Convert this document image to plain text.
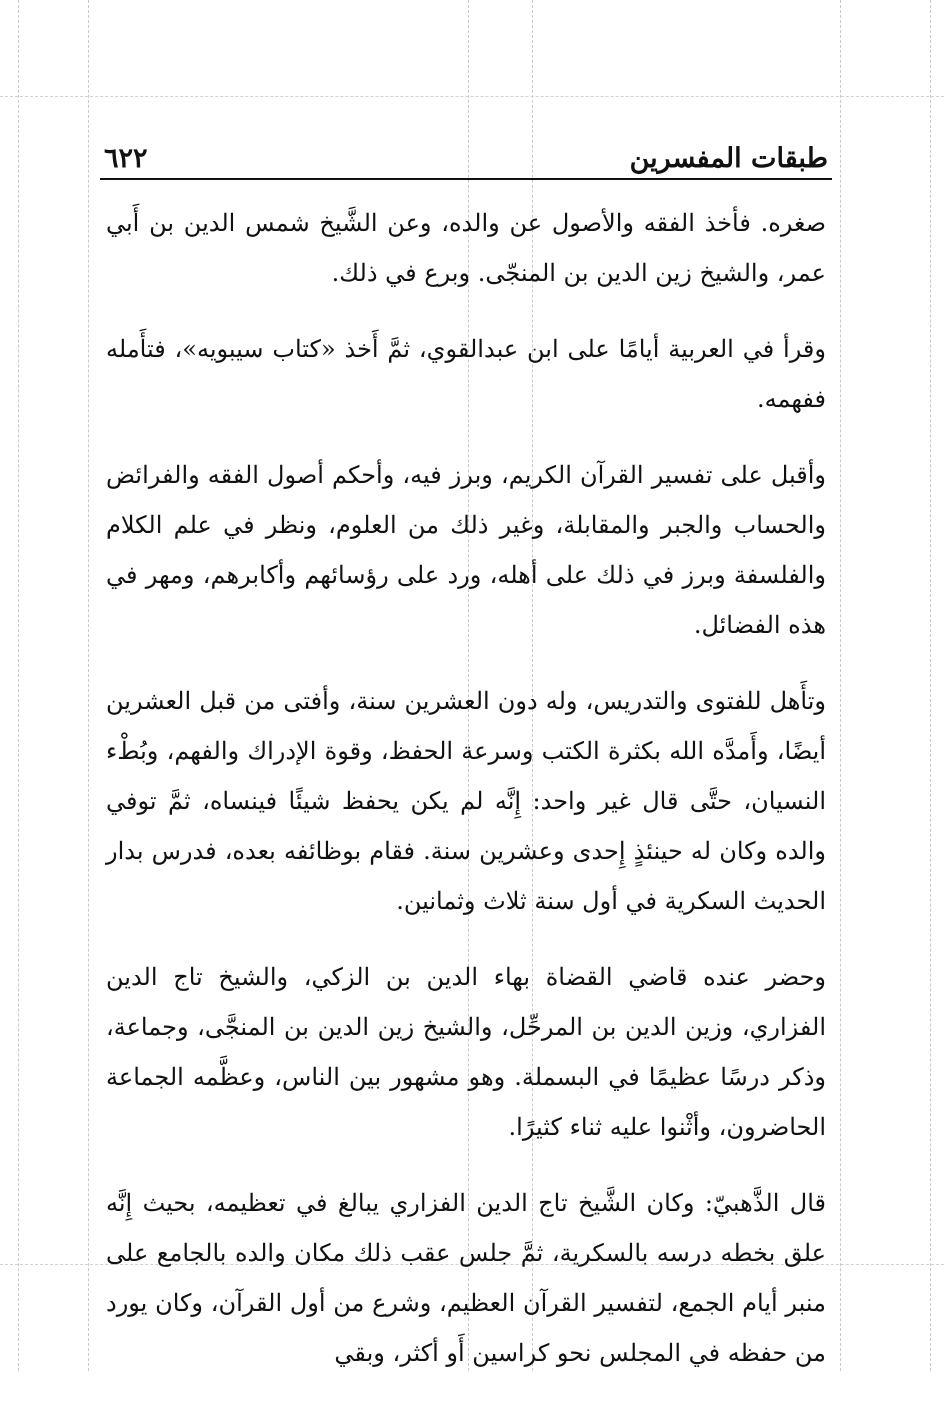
طبقات المفسرين
٦٢٢

صغره. فأخذ الفقه والأصول عن والده، وعن الشَّيخ شمس الدين بن أَبي عمر، والشيخ زين الدين بن المنجّى. وبرع في ذلك.

وقرأ في العربية أيامًا على ابن عبدالقوي، ثمَّ أَخذ «كتاب سيبويه»، فتأَمله ففهمه.

وأقبل على تفسير القرآن الكريم، وبرز فيه، وأحكم أصول الفقه والفرائض والحساب والجبر والمقابلة، وغير ذلك من العلوم، ونظر في علم الكلام والفلسفة وبرز في ذلك على أهله، ورد على رؤسائهم وأكابرهم، ومهر في هذه الفضائل.

وتأَهل للفتوى والتدريس، وله دون العشرين سنة، وأفتى من قبل العشرين أيضًا، وأَمدَّه الله بكثرة الكتب وسرعة الحفظ، وقوة الإدراك والفهم، وبُطْء النسيان، حتَّى قال غير واحد: إِنَّه لم يكن يحفظ شيئًا فينساه، ثمَّ توفي والده وكان له حينئذٍ إِحدى وعشرين سنة. فقام بوظائفه بعده، فدرس بدار الحديث السكرية في أول سنة ثلاث وثمانين.

وحضر عنده قاضي القضاة بهاء الدين بن الزكي، والشيخ تاج الدين الفزاري، وزين الدين بن المرحِّل، والشيخ زين الدين بن المنجَّى، وجماعة، وذكر درسًا عظيمًا في البسملة. وهو مشهور بين الناس، وعظَّمه الجماعة الحاضرون، وأثْنوا عليه ثناء كثيرًا.

قال الذَّهبيّ: وكان الشَّيخ تاج الدين الفزاري يبالغ في تعظيمه، بحيث إِنَّه علق بخطه درسه بالسكرية، ثمَّ جلس عقب ذلك مكان والده بالجامع على منبر أيام الجمع، لتفسير القرآن العظيم، وشرع من أول القرآن، وكان يورد من حفظه في المجلس نحو كراسين أَو أكثر، وبقي
